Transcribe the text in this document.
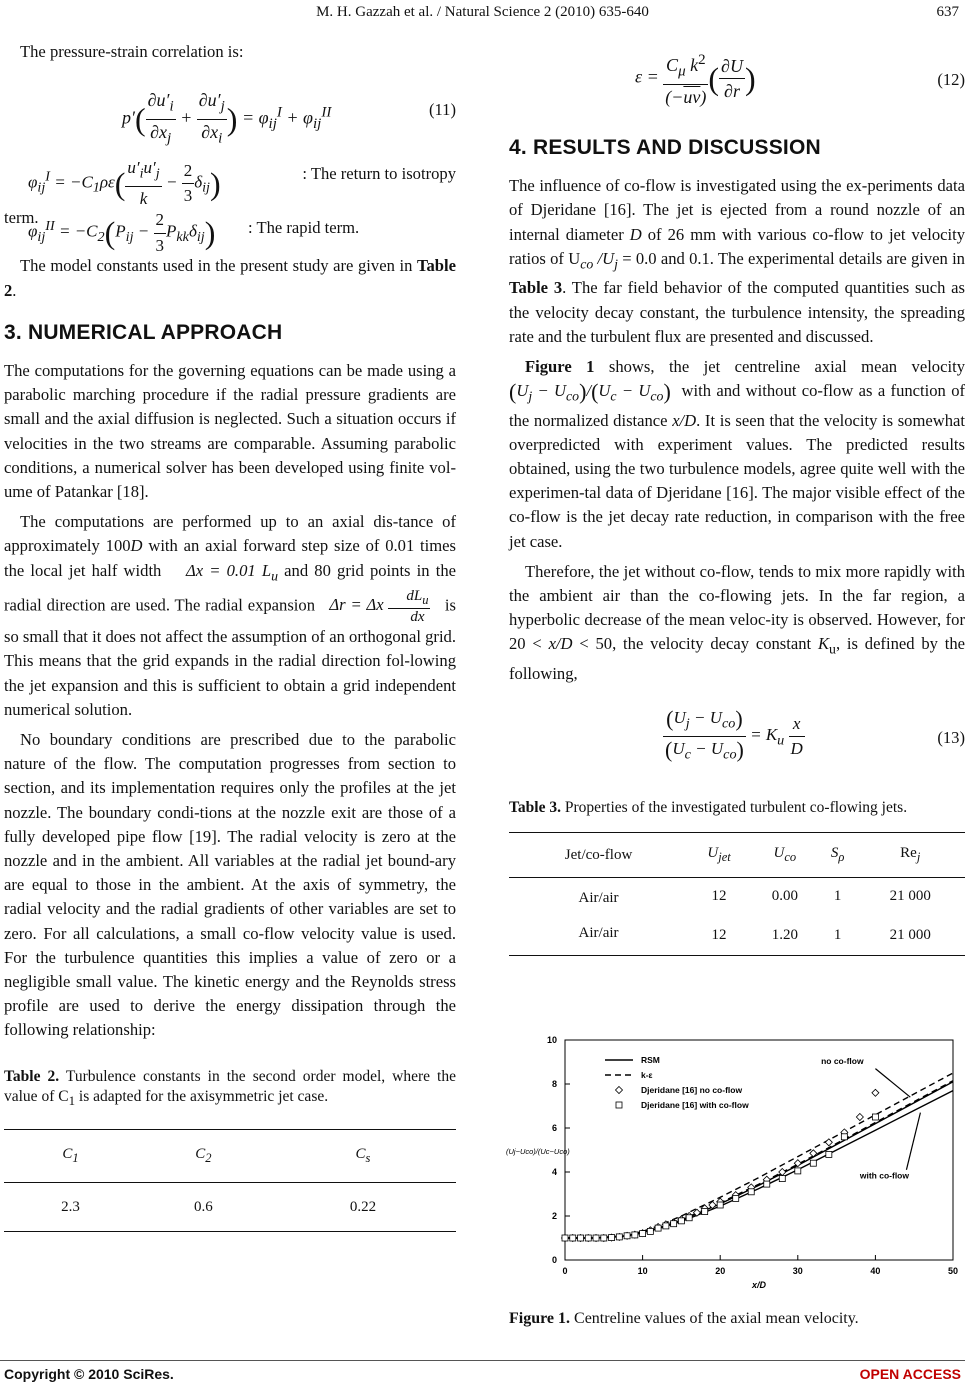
M. H. Gazzah et al. / Natural Science 2 (2010) 635-640	637

The pressure-strain correlation is:

$p'( \frac{\partial u'_i}{\partial x_j} + \frac{\partial u'_j}{\partial x_i}$ ) = $\varphi_{ij}^I + \varphi_{ij}^{II}$	(11)
$\varphi_{ij}^I = -C_1\rho\varepsilon( \frac{u'_iu'_j}{k} - \frac{2}{3} \delta_{ij})$	: The return to isotropy

term.

$\varphi_{ij}^{II} = -C_2(P_{ij} - \frac{2}{3} P_{kk}\delta_{ij})$ : The rapid term.

The model constants used in the present study are given in Table 2.

3. NUMERICAL APPROACH

The computations for the governing equations can be made using a parabolic marching procedure if the radial pressure gradients are small and the axial diffusion is neglected. Such a situation occurs if velocities in the two streams are comparable. Assuming parabolic conditions, a numerical solver has been developed using finite vol-ume of Patankar [18].

The computations are performed up to an axial dis-tance of approximately 100D with an axial forward step size of 0.01 times the local jet half width    Δx = 0.01 $L_u$ and 80 grid points in the radial direction are used. The radial expansion   Δr = Δx $\frac{dL_u}{dx}$ is so small that it does not affect the assumption of an orthogonal grid. This means that the grid expands in the radial direction fol-lowing the jet expansion and this is sufficient to obtain a grid independent numerical solution.

No boundary conditions are prescribed due to the parabolic nature of the flow. The computation progresses from section to section, and its implementation requires only the profiles at the jet nozzle. The boundary condi-tions at the nozzle exit are those of a fully developed pipe flow [19]. The radial velocity is zero at the nozzle and in the ambient. All variables at the radial jet bound-ary are equal to those in the ambient. At the axis of symmetry, the radial velocity and the radial gradients of other variables are set to zero. For all calculations, a small co-flow velocity value is used. For the turbulence quantities this implies a value of zero or a negligible small value. The kinetic energy and the Reynolds stress profile are used to derive the energy dissipation through the following relationship:

Table 2. Turbulence constants in the second order model, where the value of $C_1$ is adapted for the axisymmetric jet case.

$C_1$	$C_2$	$C_s$
2.3	0.6	0.22
$\varepsilon = \frac{C_\mu k^2}{(-\overline{uv})}$ ( $\frac{\partial U}{\partial r}$ )	(12)
4. RESULTS AND DISCUSSION

The influence of co-flow is investigated using the ex-periments data of Djeridane [16]. The jet is ejected from a round nozzle of an internal diameter D of 26 mm with various co-flow to jet velocity ratios of $U_{co}$ $/U_j = 0.0$ and 0.1. The experimental details are given in Table 3. The far field behavior of the computed quantities such as the velocity decay constant, the turbulence intensity, the spreading rate and the turbulent flux are presented and discussed.

Figure 1 shows, the jet centreline axial mean velocity $(U_j - U_{co})/(U_c - U_{co})$ with and without co-flow as a function of the normalized distance x/D. It is seen that the velocity is somewhat overpredicted with experiment values. The predicted results obtained, using the two turbulence models, agree quite well with the experimen-tal data of Djeridane [16]. The major visible effect of the co-flow is the jet decay rate reduction, in comparison with the free jet case.

Therefore, the jet without co-flow, tends to mix more rapidly with the ambient air than the co-flowing jets. In the far region, a hyperbolic decrease of the mean veloc-ity is observed. However, for 20 < x/D < 50, the velocity decay constant $K_u$, is defined by the following,

$\frac{(U_j - U_{co})}{(U_c - U_{co})} = K_u \frac{x}{D}$	(13)

Table 3. Properties of the investigated turbulent co-flowing jets.

Jet/co-flow	$U_{jet}$	$U_{co}$	$S_\rho$	$Re_j$
Air/air	12	0.00	1	21 000
Air/air	12	1.20	1	21 000
0	10	20	30	40	50
0
2
4
6
8
10
x/D
(Uj−Uco)/(Uc−Uco)
RSM
k-ε
Djeridane [16] no co-flow
Djeridane [16] with co-flow
no co-flow
with co-flow

Figure 1. Centreline values of the axial mean velocity.

Copyright © 2010 SciRes.	OPEN ACCESS
